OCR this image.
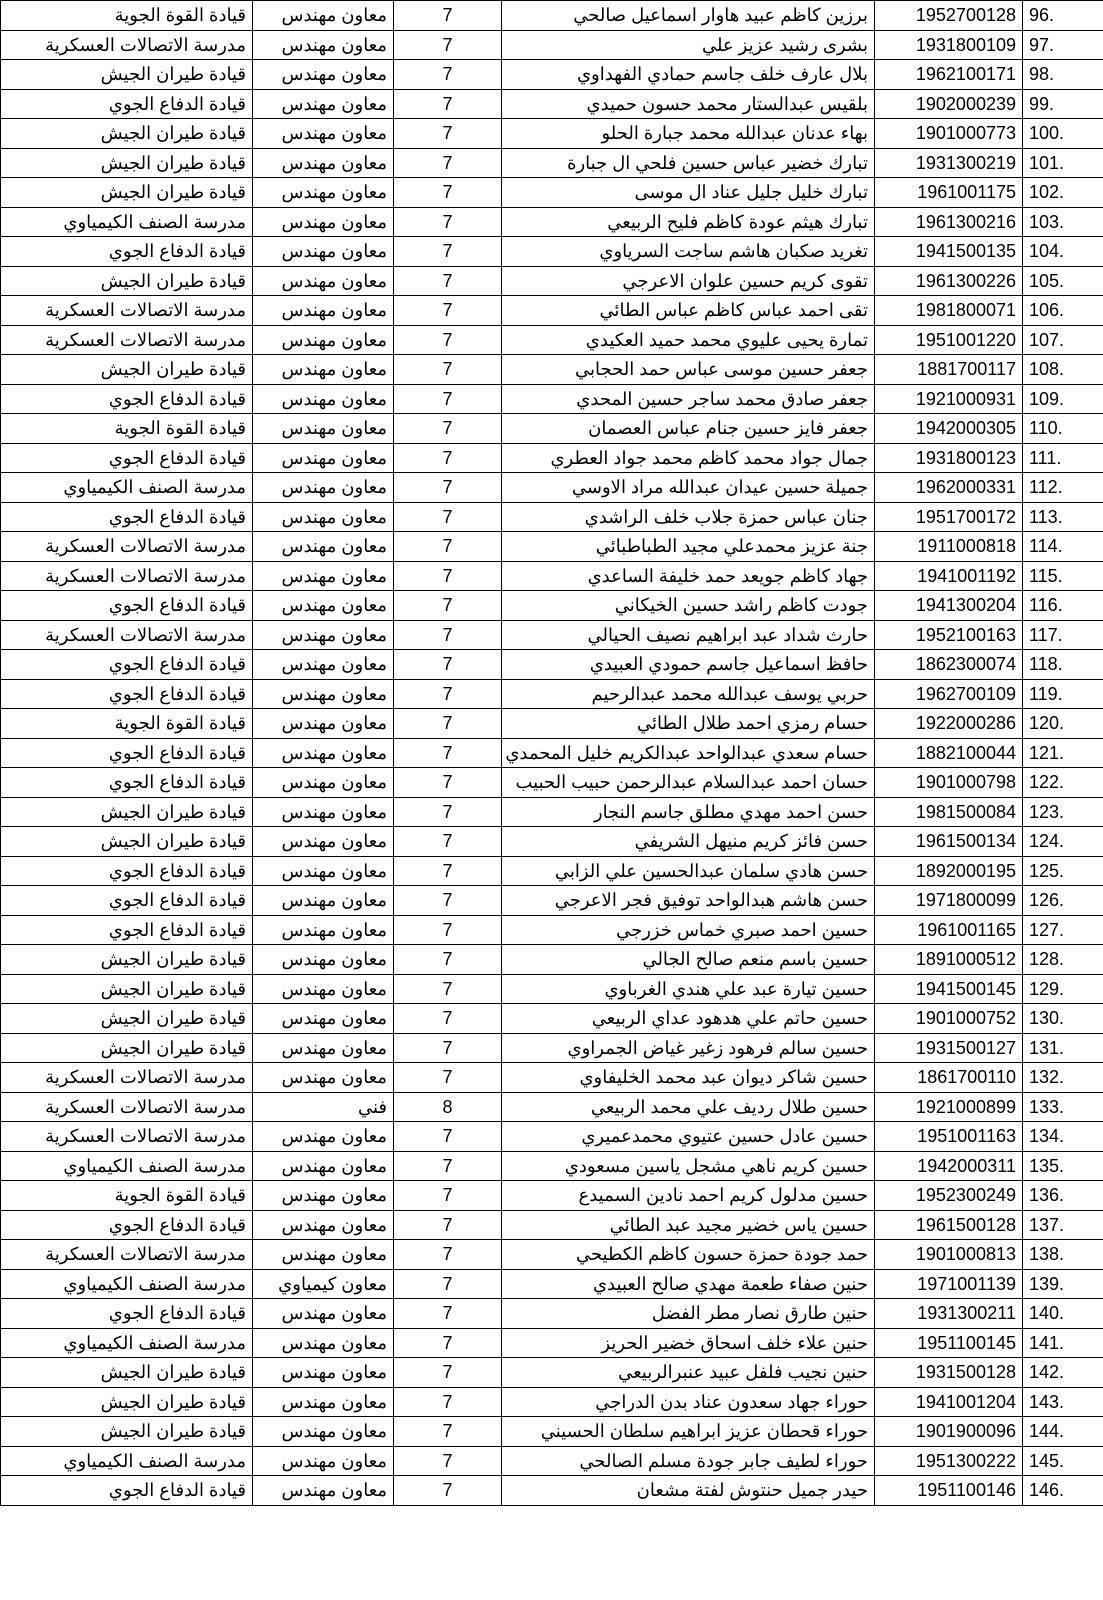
قيادة القوة الجوية	معاون مهندس	7	برزين كاظم عبيد هاوار اسماعيل صالحي	1952700128	96.
مدرسة الاتصالات العسكرية	معاون مهندس	7	بشرى رشيد عزيز علي	1931800109	97.
قيادة طيران الجيش	معاون مهندس	7	بلال عارف خلف جاسم حمادي الفهداوي	1962100171	98.
قيادة الدفاع الجوي	معاون مهندس	7	بلقيس عبدالستار محمد حسون حميدي	1902000239	99.
قيادة طيران الجيش	معاون مهندس	7	بهاء عدنان عبدالله محمد جبارة الحلو	1901000773	100.
قيادة طيران الجيش	معاون مهندس	7	تبارك خضير عباس حسين فلحي ال جبارة	1931300219	101.
قيادة طيران الجيش	معاون مهندس	7	تبارك خليل جليل عناد ال موسى	1961001175	102.
مدرسة الصنف الكيمياوي	معاون مهندس	7	تبارك هيثم عودة كاظم فليح الربيعي	1961300216	103.
قيادة الدفاع الجوي	معاون مهندس	7	تغريد صكبان هاشم ساجت السرياوي	1941500135	104.
قيادة طيران الجيش	معاون مهندس	7	تقوى كريم حسين علوان الاعرجي	1961300226	105.
مدرسة الاتصالات العسكرية	معاون مهندس	7	تقى احمد عباس كاظم عباس الطائي	1981800071	106.
مدرسة الاتصالات العسكرية	معاون مهندس	7	تمارة يحيى عليوي محمد حميد العكيدي	1951001220	107.
قيادة طيران الجيش	معاون مهندس	7	جعفر حسين موسى عباس حمد الحجابي	1881700117	108.
قيادة الدفاع الجوي	معاون مهندس	7	جعفر صادق محمد ساجر حسين المحدي	1921000931	109.
قيادة القوة الجوية	معاون مهندس	7	جعفر فايز حسين جنام عباس العصمان	1942000305	110.
قيادة الدفاع الجوي	معاون مهندس	7	جمال جواد محمد كاظم محمد جواد العطري	1931800123	111.
مدرسة الصنف الكيمياوي	معاون مهندس	7	جميلة حسين عيدان عبدالله مراد الاوسي	1962000331	112.
قيادة الدفاع الجوي	معاون مهندس	7	جنان عباس حمزة جلاب خلف الراشدي	1951700172	113.
مدرسة الاتصالات العسكرية	معاون مهندس	7	جنة عزيز محمدعلي مجيد الطباطبائي	1911000818	114.
مدرسة الاتصالات العسكرية	معاون مهندس	7	جهاد كاظم جويعد حمد خليفة الساعدي	1941001192	115.
قيادة الدفاع الجوي	معاون مهندس	7	جودت كاظم راشد حسين الخيكاني	1941300204	116.
مدرسة الاتصالات العسكرية	معاون مهندس	7	حارث شداد عبد ابراهيم نصيف الحيالي	1952100163	117.
قيادة الدفاع الجوي	معاون مهندس	7	حافظ اسماعيل جاسم حمودي العبيدي	1862300074	118.
قيادة الدفاع الجوي	معاون مهندس	7	حربي يوسف عبدالله محمد عبدالرحيم	1962700109	119.
قيادة القوة الجوية	معاون مهندس	7	حسام رمزي احمد طلال الطائي	1922000286	120.
قيادة الدفاع الجوي	معاون مهندس	7	حسام سعدي عبدالواحد عبدالكريم خليل المحمدي	1882100044	121.
قيادة الدفاع الجوي	معاون مهندس	7	حسان احمد عبدالسلام عبدالرحمن حبيب الحبيب	1901000798	122.
قيادة طيران الجيش	معاون مهندس	7	حسن احمد مهدي مطلق جاسم النجار	1981500084	123.
قيادة طيران الجيش	معاون مهندس	7	حسن فائز كريم منيهل الشريفي	1961500134	124.
قيادة الدفاع الجوي	معاون مهندس	7	حسن هادي سلمان عبدالحسين علي الزابي	1892000195	125.
قيادة الدفاع الجوي	معاون مهندس	7	حسن هاشم هبدالواحد توفيق فجر الاعرجي	1971800099	126.
قيادة الدفاع الجوي	معاون مهندس	7	حسين احمد صبري خماس خزرجي	1961001165	127.
قيادة طيران الجيش	معاون مهندس	7	حسين باسم منعم صالح الجالي	1891000512	128.
قيادة طيران الجيش	معاون مهندس	7	حسين تيارة عبد علي هندي الغرباوي	1941500145	129.
قيادة طيران الجيش	معاون مهندس	7	حسين حاتم علي هدهود عداي الربيعي	1901000752	130.
قيادة طيران الجيش	معاون مهندس	7	حسين سالم فرهود زغير غياض الجمراوي	1931500127	131.
مدرسة الاتصالات العسكرية	معاون مهندس	7	حسين شاكر ديوان عبد محمد الخليفاوي	1861700110	132.
مدرسة الاتصالات العسكرية	فني	8	حسين طلال رديف علي محمد الربيعي	1921000899	133.
مدرسة الاتصالات العسكرية	معاون مهندس	7	حسين عادل حسين عتيوي محمدعميري	1951001163	134.
مدرسة الصنف الكيمياوي	معاون مهندس	7	حسين كريم ناهي مشجل ياسين مسعودي	1942000311	135.
قيادة القوة الجوية	معاون مهندس	7	حسين مدلول كريم احمد نادين السميدع	1952300249	136.
قيادة الدفاع الجوي	معاون مهندس	7	حسين ياس خضير مجيد عبد الطائي	1961500128	137.
مدرسة الاتصالات العسكرية	معاون مهندس	7	حمد جودة حمزة حسون كاظم الكطيحي	1901000813	138.
مدرسة الصنف الكيمياوي	معاون كيمياوي	7	حنين صفاء طعمة مهدي صالح العبيدي	1971001139	139.
قيادة الدفاع الجوي	معاون مهندس	7	حنين طارق نصار مطر الفضل	1931300211	140.
مدرسة الصنف الكيمياوي	معاون مهندس	7	حنين علاء خلف اسحاق خضير الحريز	1951100145	141.
قيادة طيران الجيش	معاون مهندس	7	حنين نجيب فلفل عبيد عنبرالربيعي	1931500128	142.
قيادة طيران الجيش	معاون مهندس	7	حوراء جهاد سعدون عناد بدن الدراجي	1941001204	143.
قيادة طيران الجيش	معاون مهندس	7	حوراء قحطان عزيز ابراهيم سلطان الحسيني	1901900096	144.
مدرسة الصنف الكيمياوي	معاون مهندس	7	حوراء لطيف جابر جودة مسلم الصالحي	1951300222	145.
قيادة الدفاع الجوي	معاون مهندس	7	حيدر جميل حنتوش لفتة مشعان	1951100146	146.
